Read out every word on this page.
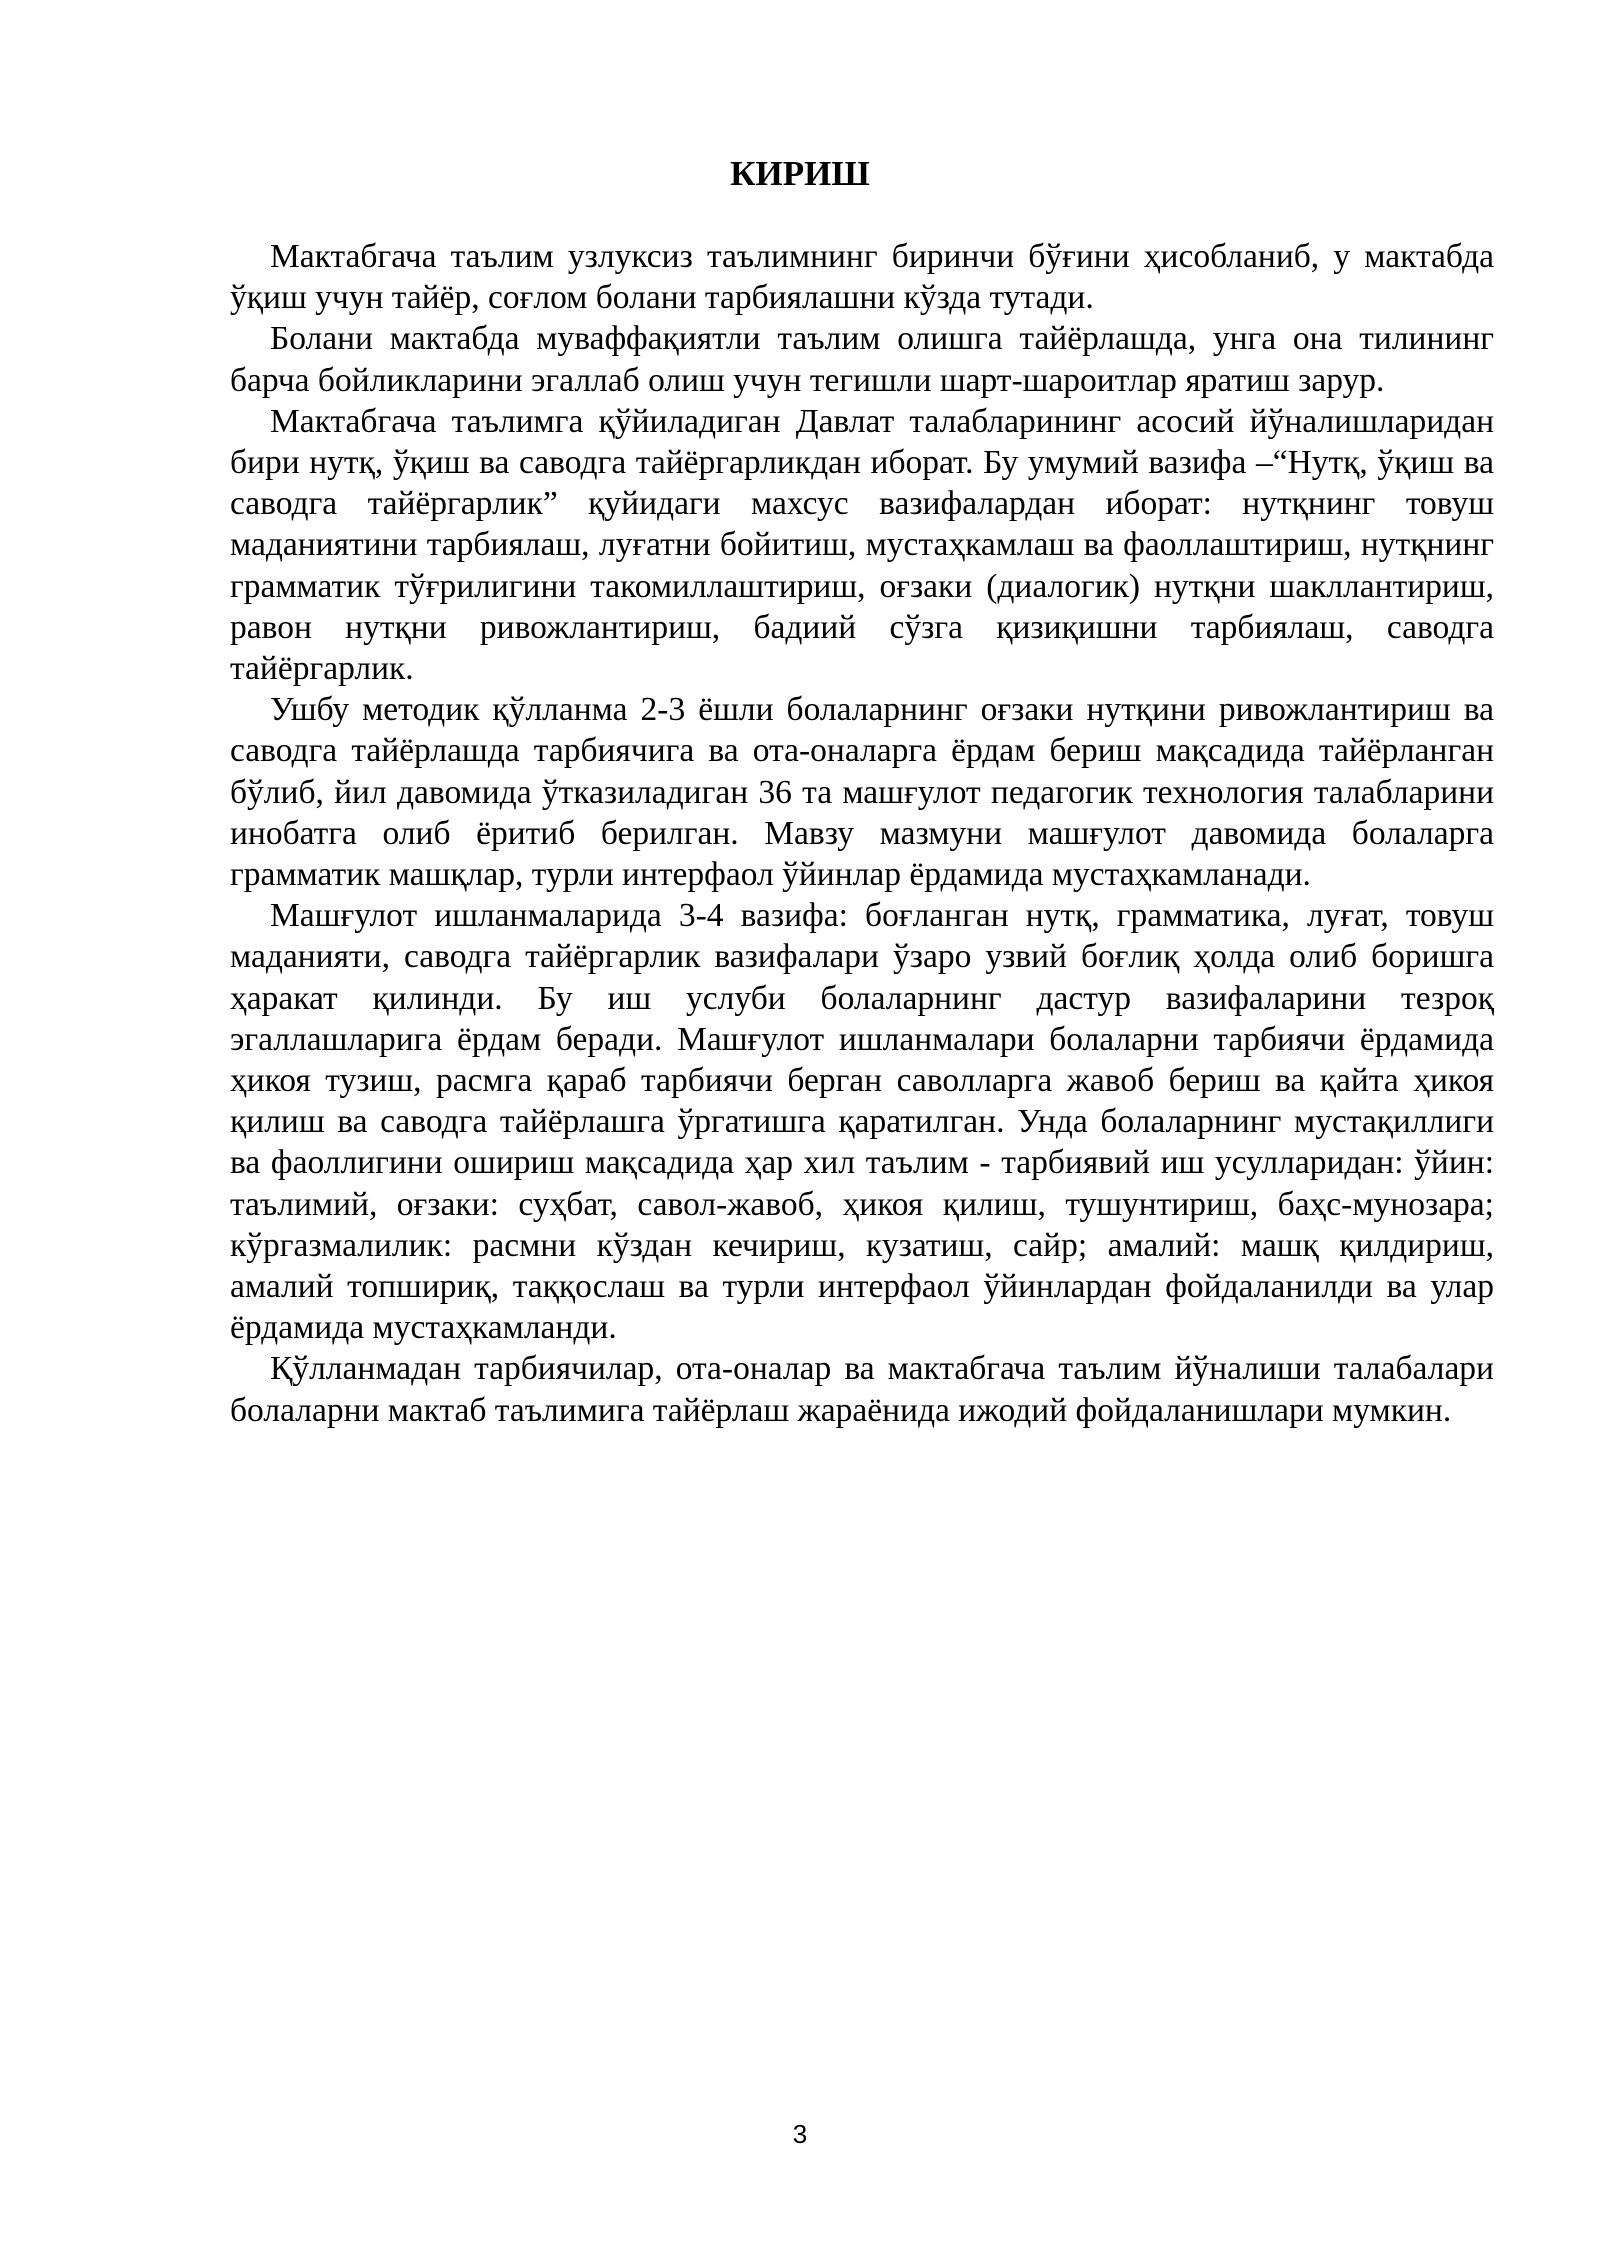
КИРИШ

Мактабгача таълим узлуксиз таълимнинг биринчи бўғини ҳисобланиб, у мактабда ўқиш учун тайёр, соғлом болани тарбиялашни кўзда тутади.

Болани мактабда муваффақиятли таълим олишга тайёрлашда, унга она тилининг барча бойликларини эгаллаб олиш учун тегишли шарт-шароитлар яратиш зарур.

Мактабгача таълимга қўйиладиган Давлат талабларининг асосий йўналишларидан бири нутқ, ўқиш ва саводга тайёргарликдан иборат. Бу умумий вазифа –“Нутқ, ўқиш ва саводга тайёргарлик” қуйидаги махсус вазифалардан иборат: нутқнинг товуш маданиятини тарбиялаш, луғатни бойитиш, мустаҳкамлаш ва фаоллаштириш, нутқнинг грамматик тўғрилигини такомиллаштириш, оғзаки (диалогик) нутқни шакллантириш, равон нутқни ривожлантириш, бадиий сўзга қизиқишни тарбиялаш, саводга тайёргарлик.

Ушбу методик қўлланма 2-3 ёшли болаларнинг оғзаки нутқини ривожлантириш ва саводга тайёрлашда тарбиячига ва ота-оналарга ёрдам бериш мақсадида тайёрланган бўлиб, йил давомида ўтказиладиган 36 та машғулот педагогик технология талабларини инобатга олиб ёритиб берилган. Мавзу мазмуни машғулот давомида болаларга грамматик машқлар, турли интерфаол ўйинлар ёрдамида мустаҳкамланади.

Машғулот ишланмаларида 3-4 вазифа: боғланган нутқ, грамматика, луғат, товуш маданияти, саводга тайёргарлик вазифалари ўзаро узвий боғлиқ ҳолда олиб боришга ҳаракат қилинди. Бу иш услуби болаларнинг дастур вазифаларини тезроқ эгаллашларига ёрдам беради. Машғулот ишланмалари болаларни тарбиячи ёрдамида ҳикоя тузиш, расмга қараб тарбиячи берган саволларга жавоб бериш ва қайта ҳикоя қилиш ва саводга тайёрлашга ўргатишга қаратилган. Унда болаларнинг мустақиллиги ва фаоллигини ошириш мақсадида ҳар хил таълим - тарбиявий иш усулларидан: ўйин: таълимий, оғзаки: суҳбат, савол-жавоб, ҳикоя қилиш, тушунтириш, баҳс-мунозара; кўргазмалилик: расмни кўздан кечириш, кузатиш, сайр; амалий: машқ қилдириш, амалий топшириқ, таққослаш ва турли интерфаол ўйинлардан фойдаланилди ва улар ёрдамида мустаҳкамланди.

Қўлланмадан тарбиячилар, ота-оналар ва мактабгача таълим йўналиши талабалари болаларни мактаб таълимига тайёрлаш жараёнида ижодий фойдаланишлари мумкин.

3
